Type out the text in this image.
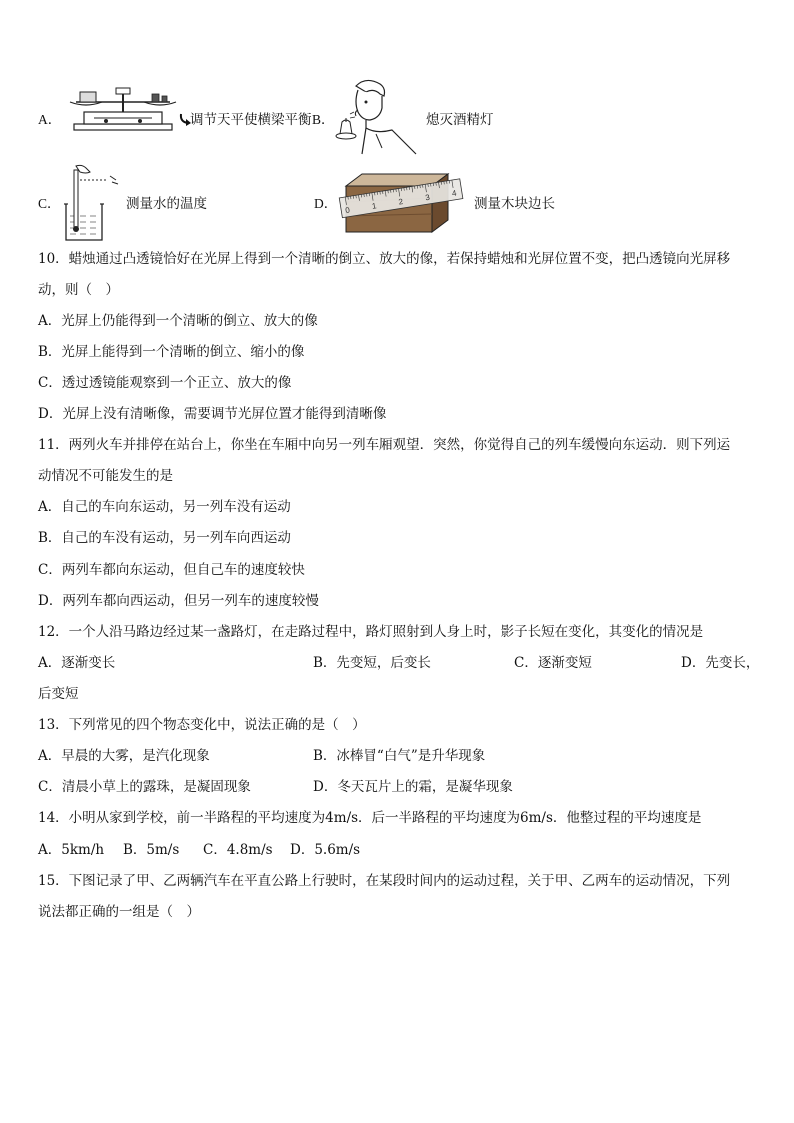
A．	调节天平使横梁平衡 B．	熄灭酒精灯
C．	测量水的温度	D． 0	1	2	3	4
测量木块边长
10．蜡烛通过凸透镜恰好在光屏上得到一个清晰的倒立、放大的像，若保持蜡烛和光屏位置不变，把凸透镜向光屏移
动，则（　）
A．光屏上仍能得到一个清晰的倒立、放大的像
B．光屏上能得到一个清晰的倒立、缩小的像
C．透过透镜能观察到一个正立、放大的像
D．光屏上没有清晰像，需要调节光屏位置才能得到清晰像
11．两列火车并排停在站台上，你坐在车厢中向另一列车厢观望．突然，你觉得自己的列车缓慢向东运动．则下列运
动情况不可能发生的是
A．自己的车向东运动，另一列车没有运动
B．自己的车没有运动，另一列车向西运动
C．两列车都向东运动，但自己车的速度较快
D．两列车都向西运动，但另一列车的速度较慢
12．一个人沿马路边经过某一盏路灯，在走路过程中，路灯照射到人身上时，影子长短在变化，其变化的情况是
A．逐渐变长	B．先变短，后变长	C．逐渐变短	D．先变长，
后变短
13．下列常见的四个物态变化中，说法正确的是（　）
A．早晨的大雾，是汽化现象	B．冰棒冒“白气”是升华现象
C．清晨小草上的露珠，是凝固现象	D．冬天瓦片上的霜，是凝华现象
14．小明从家到学校，前一半路程的平均速度为4m/s．后一半路程的平均速度为6m/s．他整过程的平均速度是
A．5km/h B．5m/s C．4.8m/s D．5.6m/s
15．下图记录了甲、乙两辆汽车在平直公路上行驶时，在某段时间内的运动过程，关于甲、乙两车的运动情况，下列
说法都正确的一组是（　）
